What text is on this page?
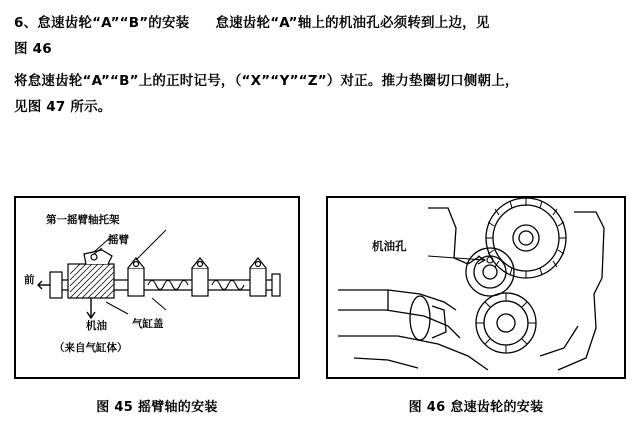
6、怠速齿轮“A”“B”的安装 怠速齿轮“A”轴上的机油孔必须转到上边，见
图 46

将怠速齿轮“A”“B”上的正时记号，（“X”“Y”“Z”）对正。推力垫圈切口侧朝上，
见图 47 所示。

第一摇臂轴托架
摇臂
前
机油 气缸盖
（来自气缸体）
图 45 摇臂轴的安装
机油孔
图 46 怠速齿轮的安装
